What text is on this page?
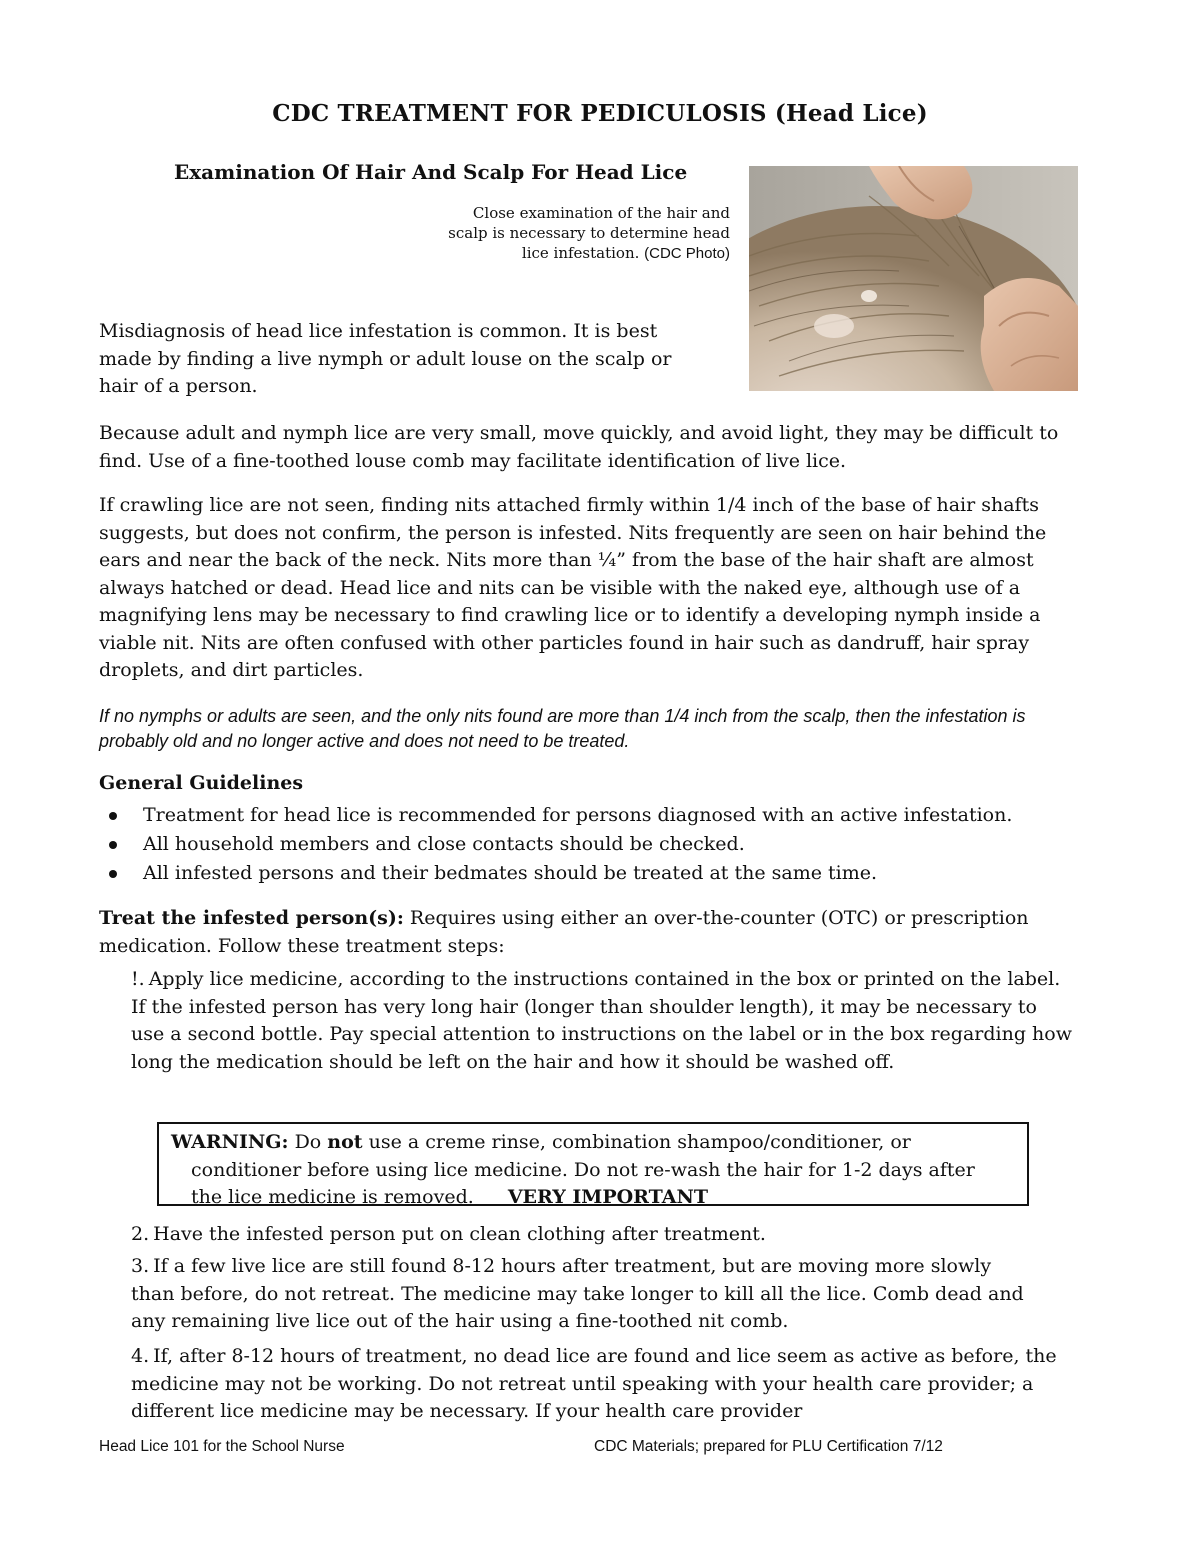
CDC TREATMENT FOR PEDICULOSIS (Head Lice)
Examination Of Hair And Scalp For Head Lice
Close examination of the hair and
scalp is necessary to determine head
lice infestation. (CDC Photo)

Misdiagnosis of head lice infestation is common. It is best made by finding a live nymph or adult louse on the scalp or hair of a person.

Because adult and nymph lice are very small, move quickly, and avoid light, they may be difficult to find. Use of a fine-toothed louse comb may facilitate identification of live lice.

If crawling lice are not seen, finding nits attached firmly within 1/4 inch of the base of hair shafts suggests, but does not confirm, the person is infested. Nits frequently are seen on hair behind the ears and near the back of the neck. Nits more than ¼” from the base of the hair shaft are almost always hatched or dead. Head lice and nits can be visible with the naked eye, although use of a magnifying lens may be necessary to find crawling lice or to identify a developing nymph inside a viable nit. Nits are often confused with other particles found in hair such as dandruff, hair spray droplets, and dirt particles.

If no nymphs or adults are seen, and the only nits found are more than 1/4 inch from the scalp, then the infestation is probably old and no longer active and does not need to be treated.

General Guidelines
Treatment for head lice is recommended for persons diagnosed with an active infestation.
All household members and close contacts should be checked.
All infested persons and their bedmates should be treated at the same time.

Treat the infested person(s): Requires using either an over-the-counter (OTC) or prescription medication. Follow these treatment steps:

!. Apply lice medicine, according to the instructions contained in the box or printed on the label. If the infested person has very long hair (longer than shoulder length), it may be necessary to use a second bottle. Pay special attention to instructions on the label or in the box regarding how long the medication should be left on the hair and how it should be washed off.

WARNING: Do not use a creme rinse, combination shampoo/conditioner, or
conditioner before using lice medicine. Do not re-wash the hair for 1-2 days after
the lice medicine is removed. VERY IMPORTANT

2. Have the infested person put on clean clothing after treatment.

3. If a few live lice are still found 8-12 hours after treatment, but are moving more slowly than before, do not retreat. The medicine may take longer to kill all the lice. Comb dead and any remaining live lice out of the hair using a fine-toothed nit comb.

4. If, after 8-12 hours of treatment, no dead lice are found and lice seem as active as before, the medicine may not be working. Do not retreat until speaking with your health care provider; a different lice medicine may be necessary. If your health care provider

Head Lice 101 for the School Nurse	CDC Materials; prepared for PLU Certification 7/12
